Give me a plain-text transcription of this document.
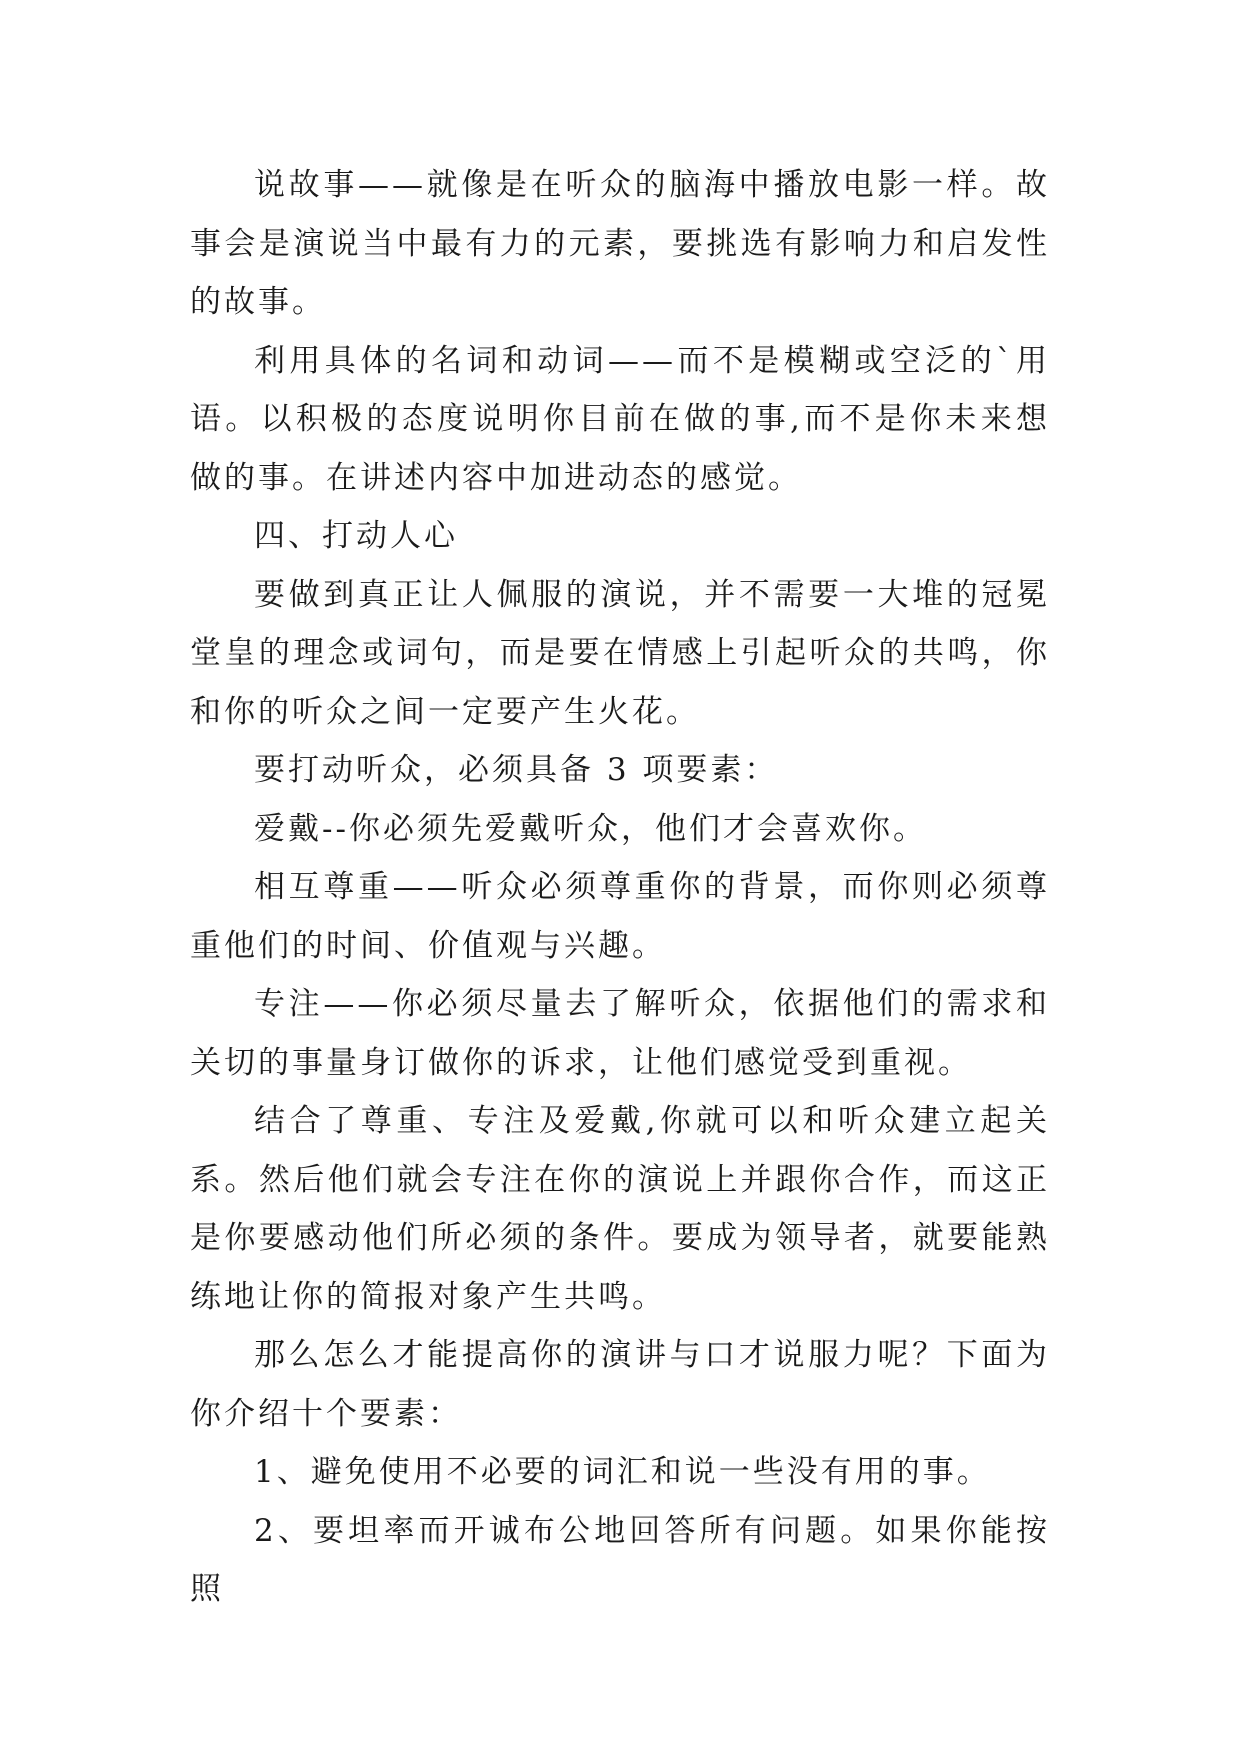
说故事——就像是在听众的脑海中播放电影一样。故事会是演说当中最有力的元素，要挑选有影响力和启发性的故事。

利用具体的名词和动词——而不是模糊或空泛的`用语。以积极的态度说明你目前在做的事,而不是你未来想做的事。在讲述内容中加进动态的感觉。

四、打动人心

要做到真正让人佩服的演说，并不需要一大堆的冠冕堂皇的理念或词句，而是要在情感上引起听众的共鸣，你和你的听众之间一定要产生火花。

要打动听众，必须具备 3 项要素：

爱戴--你必须先爱戴听众，他们才会喜欢你。

相互尊重——听众必须尊重你的背景，而你则必须尊重他们的时间、价值观与兴趣。

专注——你必须尽量去了解听众，依据他们的需求和关切的事量身订做你的诉求，让他们感觉受到重视。

结合了尊重、专注及爱戴,你就可以和听众建立起关系。然后他们就会专注在你的演说上并跟你合作，而这正是你要感动他们所必须的条件。要成为领导者，就要能熟练地让你的简报对象产生共鸣。

那么怎么才能提高你的演讲与口才说服力呢？下面为你介绍十个要素：

1、避免使用不必要的词汇和说一些没有用的事。

2、要坦率而开诚布公地回答所有问题。如果你能按照
